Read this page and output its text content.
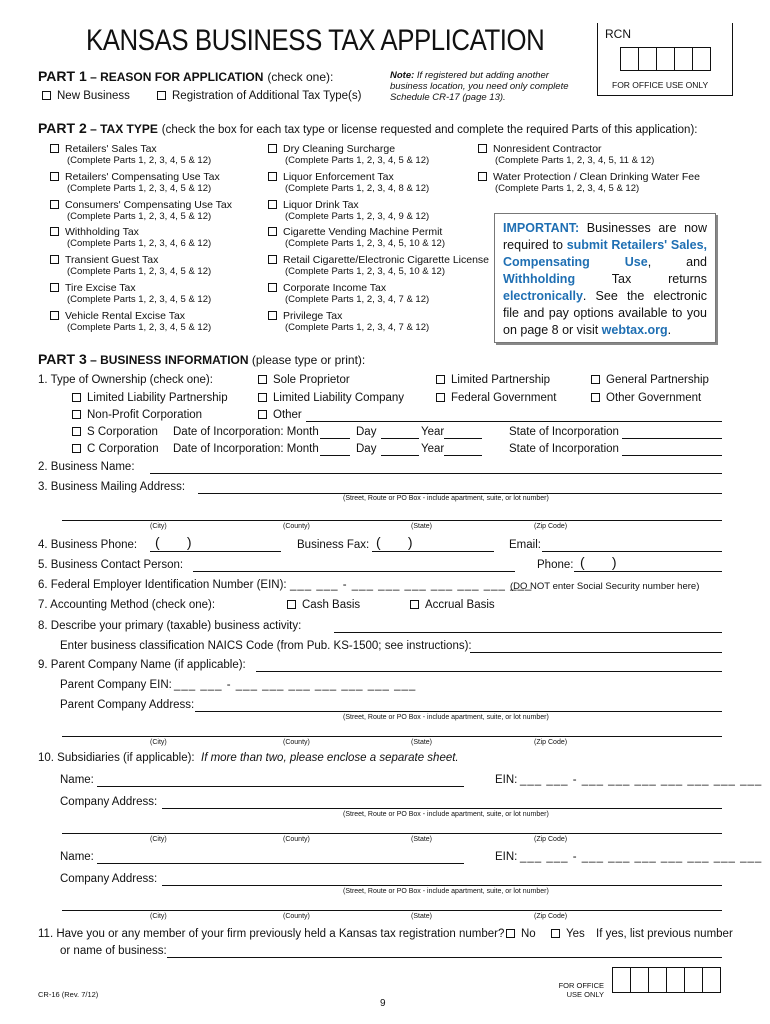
KANSAS BUSINESS TAX APPLICATION	RCN
FOR OFFICE USE ONLY
PART 1 – REASON FOR APPLICATION (check one):
New Business	Registration of Additional Tax Type(s)
Note: If registered but adding another business location, you need only complete Schedule CR-17 (page 13).
PART 2 – TAX TYPE (check the box for each tax type or license requested and complete the required Parts of this application):
Retailers' Sales Tax
(Complete Parts 1, 2, 3, 4, 5 & 12)
Retailers' Compensating Use Tax
(Complete Parts 1, 2, 3, 4, 5 & 12)
Consumers' Compensating Use Tax
(Complete Parts 1, 2, 3, 4, 5 & 12)
Withholding Tax
(Complete Parts 1, 2, 3, 4, 6 & 12)
Transient Guest Tax
(Complete Parts 1, 2, 3, 4, 5 & 12)
Tire Excise Tax
(Complete Parts 1, 2, 3, 4, 5 & 12)
Vehicle Rental Excise Tax
(Complete Parts 1, 2, 3, 4, 5 & 12)
Dry Cleaning Surcharge
(Complete Parts 1, 2, 3, 4, 5 & 12)
Liquor Enforcement Tax
(Complete Parts 1, 2, 3, 4, 8 & 12)
Liquor Drink Tax
(Complete Parts 1, 2, 3, 4, 9 & 12)
Cigarette Vending Machine Permit
(Complete Parts 1, 2, 3, 4, 5, 10 & 12)
Retail Cigarette/Electronic Cigarette License
(Complete Parts 1, 2, 3, 4, 5, 10 & 12)
Corporate Income Tax
(Complete Parts 1, 2, 3, 4, 7 & 12)
Privilege Tax
(Complete Parts 1, 2, 3, 4, 7 & 12)
Nonresident Contractor
(Complete Parts 1, 2, 3, 4, 5, 11 & 12)
Water Protection / Clean Drinking Water Fee
(Complete Parts 1, 2, 3, 4, 5 & 12)
IMPORTANT: Businesses are now required to submit Retailers' Sales, Compensating Use, and Withholding Tax returns electronically. See the electronic file and pay options available to you on page 8 or visit webtax.org.
PART 3 – BUSINESS INFORMATION (please type or print):
1. Type of Ownership (check one):	Sole Proprietor	Limited Partnership	General Partnership
Limited Liability Partnership	Limited Liability Company	Federal Government	Other Government
Non-Profit Corporation	Other
S Corporation Date of Incorporation: Month	Day	Year	State of Incorporation
C Corporation Date of Incorporation: Month	Day	Year	State of Incorporation
2. Business Name:
3. Business Mailing Address:
(Street, Route or PO Box - include apartment, suite, or lot number)
(City)	(County)	(State)	(Zip Code)
4. Business Phone: (       )	Business Fax: (       )	Email:
5. Business Contact Person:	Phone: (       )
6. Federal Employer Identification Number (EIN): ___ ___ - ___ ___ ___ ___ ___ ___ ___
(DO NOT enter Social Security number here)
7. Accounting Method (check one):	Cash Basis	Accrual Basis
8. Describe your primary (taxable) business activity:
Enter business classification NAICS Code (from Pub. KS-1500; see instructions):
9. Parent Company Name (if applicable):
Parent Company EIN: ___ ___ - ___ ___ ___ ___ ___ ___ ___
Parent Company Address:
(Street, Route or PO Box - include apartment, suite, or lot number)
(City)	(County)	(State)	(Zip Code)
10. Subsidiaries (if applicable): If more than two, please enclose a separate sheet.
Name:	EIN: ___ ___ - ___ ___ ___ ___ ___ ___ ___
Company Address:
(Street, Route or PO Box - include apartment, suite, or lot number)
(City)	(County)	(State)	(Zip Code)
Name:	EIN: ___ ___ - ___ ___ ___ ___ ___ ___ ___
Company Address:
(Street, Route or PO Box - include apartment, suite, or lot number)
(City)	(County)	(State)	(Zip Code)
11. Have you or any member of your firm previously held a Kansas tax registration number?	No	Yes If yes, list previous number
or name of business:
CR-16 (Rev. 7/12)
9
FOR OFFICE
USE ONLY
